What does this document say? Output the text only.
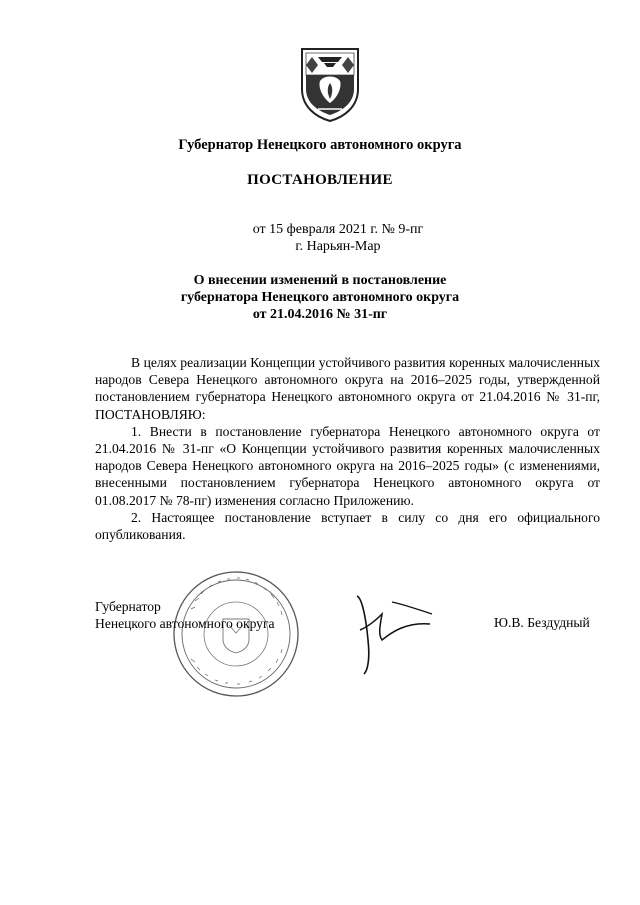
Губернатор Ненецкого автономного округа
ПОСТАНОВЛЕНИЕ
от 15 февраля 2021 г. № 9-пг
г. Нарьян-Мар
О внесении изменений в постановление
губернатора Ненецкого автономного округа
от 21.04.2016 № 31-пг

В целях реализации Концепции устойчивого развития коренных малочисленных народов Севера Ненецкого автономного округа на 2016–2025 годы, утвержденной постановлением губернатора Ненецкого автономного округа от 21.04.2016 № 31-пг, ПОСТАНОВЛЯЮ:

1. Внести в постановление губернатора Ненецкого автономного округа от 21.04.2016 № 31-пг «О Концепции устойчивого развития коренных малочисленных народов Севера Ненецкого автономного округа на 2016–2025 годы» (с изменениями, внесенными постановлением губернатора Ненецкого автономного округа от 01.08.2017 № 78-пг) изменения согласно Приложению.

2. Настоящее постановление вступает в силу со дня его официального опубликования.

Губернатор
Ненецкого автономного округа	Ю.В. Бездудный
